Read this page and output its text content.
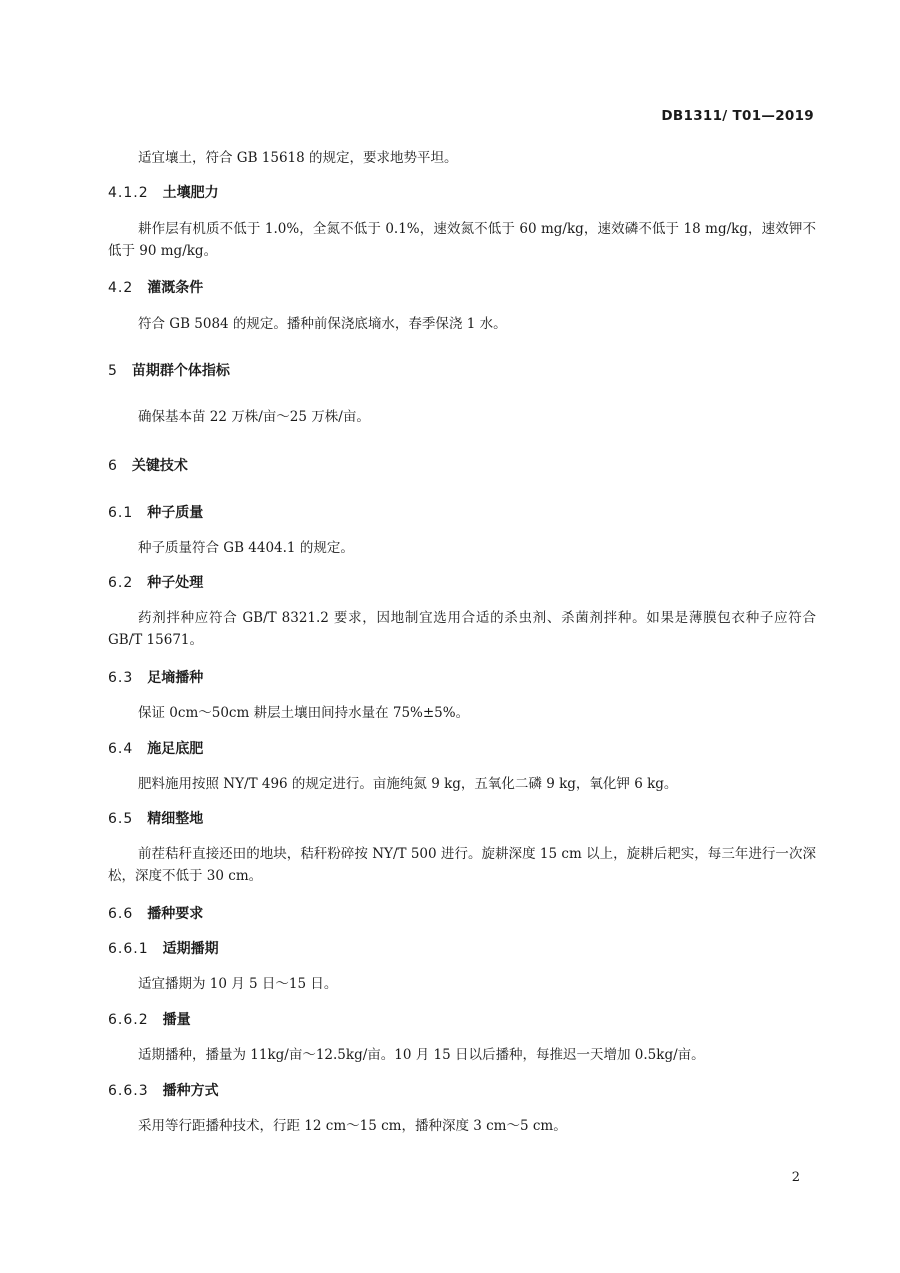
DB1311/ T01—2019

适宜壤土，符合 GB 15618 的规定，要求地势平坦。

4.1.2 土壤肥力

耕作层有机质不低于 1.0%，全氮不低于 0.1%，速效氮不低于 60 mg/kg，速效磷不低于 18 mg/kg，速效钾不低于 90 mg/kg。

4.2 灌溉条件

符合 GB 5084 的规定。播种前保浇底墒水，春季保浇 1 水。

5 苗期群个体指标

确保基本苗 22 万株/亩～25 万株/亩。

6 关键技术
6.1 种子质量

种子质量符合 GB 4404.1 的规定。

6.2 种子处理

药剂拌种应符合 GB/T 8321.2 要求，因地制宜选用合适的杀虫剂、杀菌剂拌种。如果是薄膜包衣种子应符合 GB/T 15671。

6.3 足墒播种

保证 0cm～50cm 耕层土壤田间持水量在 75%±5%。

6.4 施足底肥

肥料施用按照 NY/T 496 的规定进行。亩施纯氮 9 kg，五氧化二磷 9 kg，氧化钾 6 kg。

6.5 精细整地

前茬秸秆直接还田的地块，秸秆粉碎按 NY/T 500 进行。旋耕深度 15 cm 以上，旋耕后耙实，每三年进行一次深松，深度不低于 30 cm。

6.6 播种要求
6.6.1 适期播期

适宜播期为 10 月 5 日～15 日。

6.6.2 播量

适期播种，播量为 11kg/亩～12.5kg/亩。10 月 15 日以后播种，每推迟一天增加 0.5kg/亩。

6.6.3 播种方式

采用等行距播种技术，行距 12 cm～15 cm，播种深度 3 cm～5 cm。

2
